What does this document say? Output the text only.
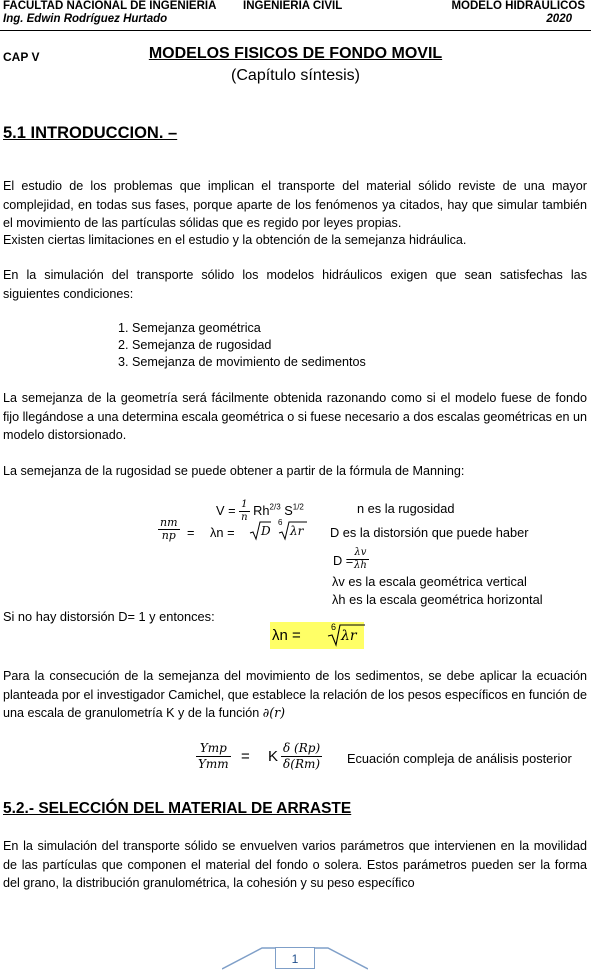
FACULTAD NACIONAL DE INGENIERIA INGENIERIA CIVIL	MODELO HIDRAULICOS
Ing. Edwin Rodríguez Hurtado	2020
CAP V	MODELOS FISICOS DE FONDO MOVIL
(Capítulo síntesis)
5.1 INTRODUCCION. –
El estudio de los problemas que implican el transporte del material sólido reviste de una mayor complejidad, en todas sus fases, porque aparte de los fenómenos ya citados, hay que simular también el movimiento de las partículas sólidas que es regido por leyes propias.
Existen ciertas limitaciones en el estudio y la obtención de la semejanza hidráulica.
En la simulación del transporte sólido los modelos hidráulicos exigen que sean satisfechas las siguientes condiciones:
1. Semejanza geométrica
2. Semejanza de rugosidad
3. Semejanza de movimiento de sedimentos
La semejanza de la geometría será fácilmente obtenida razonando como si el modelo fuese de fondo fijo llegándose a una determina escala geométrica o si fuese necesario a dos escalas geométricas en un modelo distorsionado.
La semejanza de la rugosidad se puede obtener a partir de la fórmula de Manning:
$V = \frac{1}{n} Rh^{2/3}$ $S^{1/2}$	n es la rugosidad
$\frac{nm}{np} = \lambda n = D$
6
λr D es la distorsión que puede haber
D =
$\frac{\lambda v}{\lambda h}$
λv es la escala geométrica vertical
λh es la escala geométrica horizontal
Si no hay distorsión D= 1 y entonces:
λn =	6
λr
Para la consecución de la semejanza del movimiento de los sedimentos, se debe aplicar la ecuación planteada por el investigador Camichel, que establece la relación de los pesos específicos en función de una escala de granulometría K y de la función ∂(r)
Ymp
Ymm = K $\frac{\delta (Rp)}{\delta(Rm)}$ Ecuación compleja de análisis posterior
5.2.- SELECCIÓN DEL MATERIAL DE ARRASTE
En la simulación del transporte sólido se envuelven varios parámetros que intervienen en la movilidad de las partículas que componen el material del fondo o solera. Estos parámetros pueden ser la forma del grano, la distribución granulométrica, la cohesión y su peso específico
1
